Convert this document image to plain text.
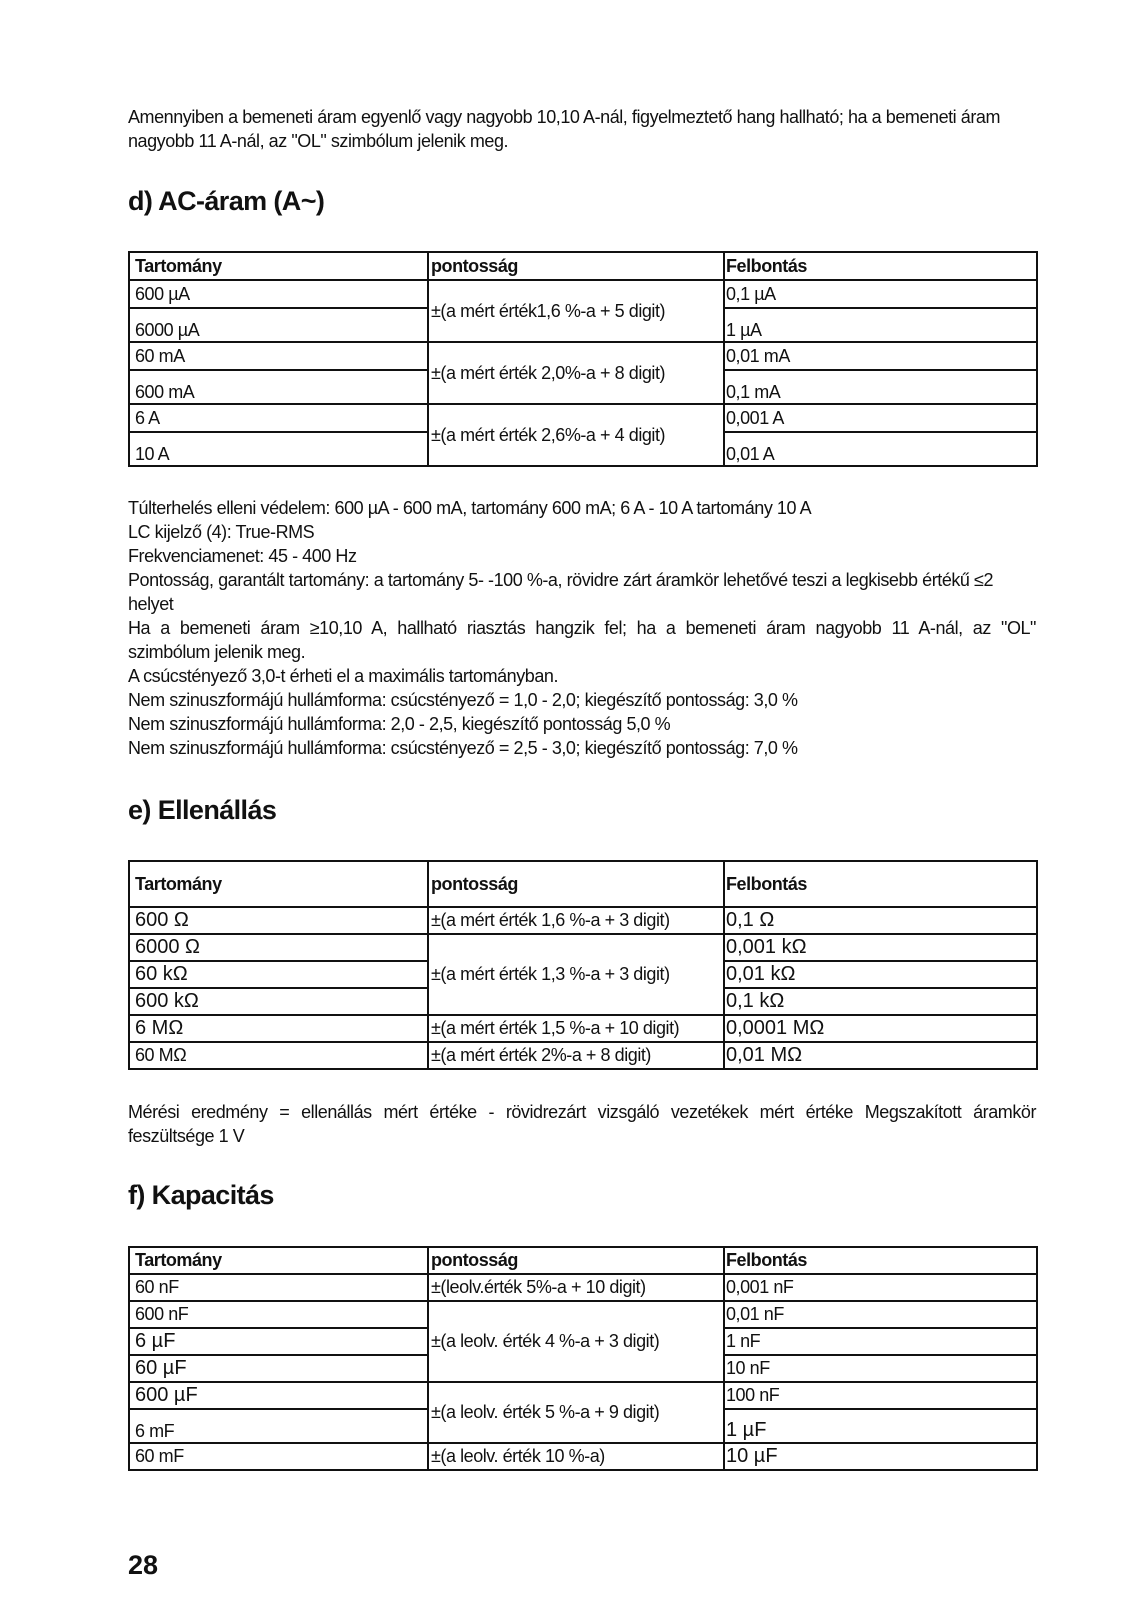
Amennyiben a bemeneti áram egyenlő vagy nagyobb 10,10 A-nál, figyelmeztető hang hallható; ha a bemeneti áram
nagyobb 11 A-nál, az "OL" szimbólum jelenik meg.
d) AC-áram (A~)
Tartomány	pontosság	Felbontás
600 µA	±(a mért érték1,6 %-a + 5 digit)	0,1 µA
6000 µA		1 µA
60 mA	±(a mért érték 2,0%-a + 8 digit)	0,01 mA
600 mA		0,1 mA
6 A	±(a mért érték 2,6%-a + 4 digit)	0,001 A
10 A		0,01 A
Túlterhelés elleni védelem: 600 µA - 600 mA, tartomány 600 mA; 6 A - 10 A tartomány 10 A
LC kijelző (4): True-RMS
Frekvenciamenet: 45 - 400 Hz
Pontosság, garantált tartomány: a tartomány 5- -100 %-a, rövidre zárt áramkör lehetővé teszi a legkisebb értékű ≤2
helyet
Ha a bemeneti áram ≥10,10 A, hallható riasztás hangzik fel; ha a bemeneti áram nagyobb 11 A-nál, az "OL"
szimbólum jelenik meg.
A csúcstényező 3,0-t érheti el a maximális tartományban.
Nem szinuszformájú hullámforma: csúcstényező = 1,0 - 2,0; kiegészítő pontosság: 3,0 %
Nem szinuszformájú hullámforma: 2,0 - 2,5, kiegészítő pontosság 5,0 %
Nem szinuszformájú hullámforma: csúcstényező = 2,5 - 3,0; kiegészítő pontosság: 7,0 %
e) Ellenállás
Tartomány	pontosság	Felbontás
600 Ω	±(a mért érték 1,6 %-a + 3 digit)	0,1 Ω
6000 Ω	±(a mért érték 1,3 %-a + 3 digit)	0,001 kΩ
60 kΩ		0,01 kΩ
600 kΩ		0,1 kΩ
6 MΩ	±(a mért érték 1,5 %-a + 10 digit)	0,0001 MΩ
60 MΩ	±(a mért érték 2%-a + 8 digit)	0,01 MΩ
Mérési eredmény = ellenállás mért értéke - rövidrezárt vizsgáló vezetékek mért értéke Megszakított áramkör
feszültsége 1 V
f) Kapacitás
Tartomány	pontosság	Felbontás
60 nF	±(leolv.érték 5%-a + 10 digit)	0,001 nF
600 nF	±(a leolv. érték 4 %-a + 3 digit)	0,01 nF
6 µF		1 nF
60 µF		10 nF
600 µF	±(a leolv. érték 5 %-a + 9 digit)	100 nF
6 mF		1 µF
60 mF	±(a leolv. érték 10 %-a)	10 µF
28
